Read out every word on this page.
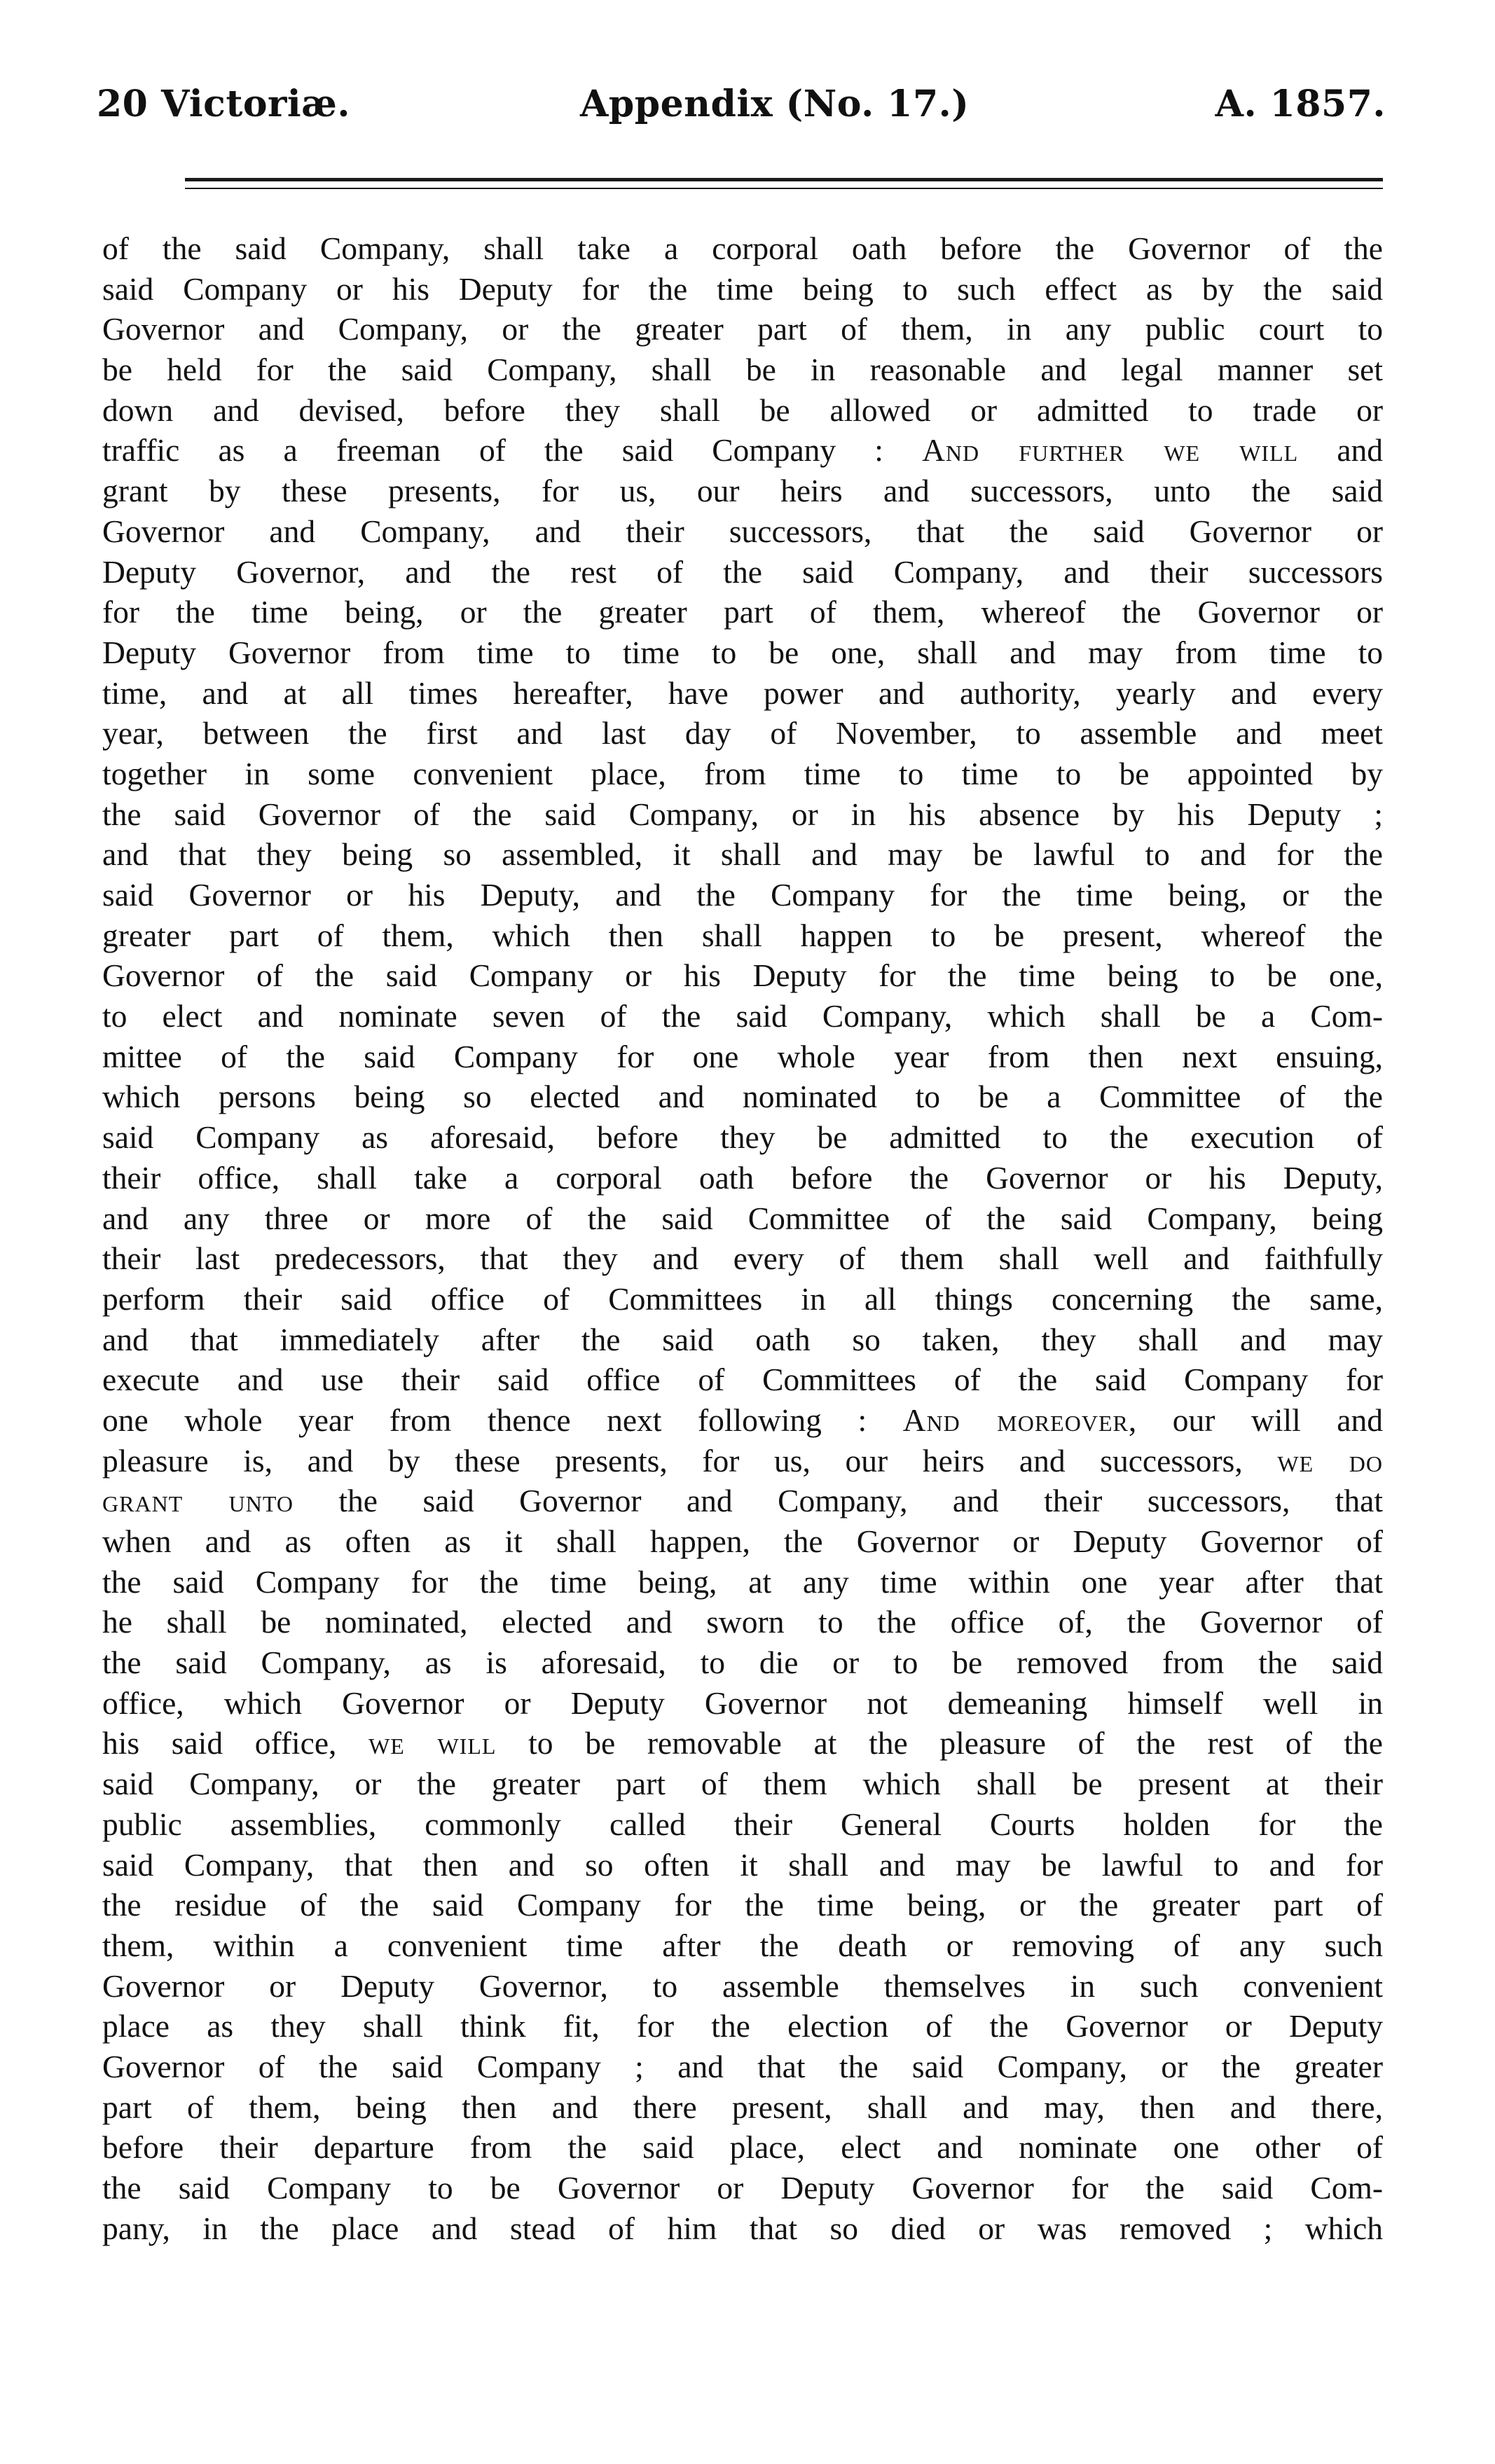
20 Victoriæ.	Appendix (No. 17.)	A. 1857.
of the said Company, shall take a corporal oath before the Governor of the
said Company or his Deputy for the time being to such effect as by the said
Governor and Company, or the greater part of them, in any public court to
be held for the said Company, shall be in reasonable and legal manner set
down and devised, before they shall be allowed or admitted to trade or
traffic as a freeman of the said Company : And further we will and
grant by these presents, for us, our heirs and successors, unto the said
Governor and Company, and their successors, that the said Governor or
Deputy Governor, and the rest of the said Company, and their successors
for the time being, or the greater part of them, whereof the Governor or
Deputy Governor from time to time to be one, shall and may from time to
time, and at all times hereafter, have power and authority, yearly and every
year, between the first and last day of November, to assemble and meet
together in some convenient place, from time to time to be appointed by
the said Governor of the said Company, or in his absence by his Deputy ;
and that they being so assembled, it shall and may be lawful to and for the
said Governor or his Deputy, and the Company for the time being, or the
greater part of them, which then shall happen to be present, whereof the
Governor of the said Company or his Deputy for the time being to be one,
to elect and nominate seven of the said Company, which shall be a Com-
mittee of the said Company for one whole year from then next ensuing,
which persons being so elected and nominated to be a Committee of the
said Company as aforesaid, before they be admitted to the execution of
their office, shall take a corporal oath before the Governor or his Deputy,
and any three or more of the said Committee of the said Company, being
their last predecessors, that they and every of them shall well and faithfully
perform their said office of Committees in all things concerning the same,
and that immediately after the said oath so taken, they shall and may
execute and use their said office of Committees of the said Company for
one whole year from thence next following : And moreover, our will and
pleasure is, and by these presents, for us, our heirs and successors, we do
grant unto the said Governor and Company, and their successors, that
when and as often as it shall happen, the Governor or Deputy Governor of
the said Company for the time being, at any time within one year after that
he shall be nominated, elected and sworn to the office of, the Governor of
the said Company, as is aforesaid, to die or to be removed from the said
office, which Governor or Deputy Governor not demeaning himself well in
his said office, we will to be removable at the pleasure of the rest of the
said Company, or the greater part of them which shall be present at their
public assemblies, commonly called their General Courts holden for the
said Company, that then and so often it shall and may be lawful to and for
the residue of the said Company for the time being, or the greater part of
them, within a convenient time after the death or removing of any such
Governor or Deputy Governor, to assemble themselves in such convenient
place as they shall think fit, for the election of the Governor or Deputy
Governor of the said Company ; and that the said Company, or the greater
part of them, being then and there present, shall and may, then and there,
before their departure from the said place, elect and nominate one other of
the said Company to be Governor or Deputy Governor for the said Com-
pany, in the place and stead of him that so died or was removed ; which
